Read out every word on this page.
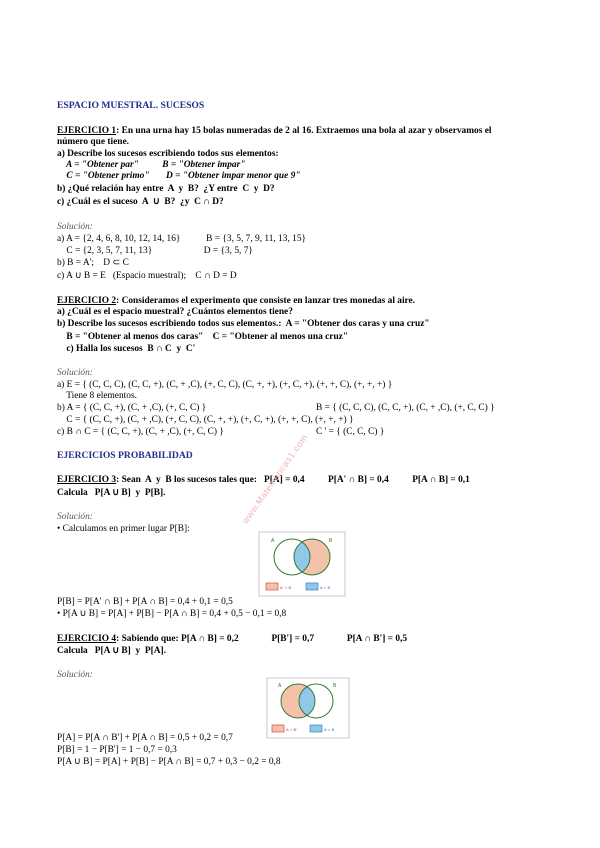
ESPACIO MUESTRAL. SUCESOS
EJERCICIO 1: En una urna hay 15 bolas numeradas de 2 al 16. Extraemos una bola al azar y observamos el
número que tiene.
a) Describe los sucesos escribiendo todos sus elementos:
A = "Obtener par"          B = "Obtener impar"
C = "Obtener primo"       D = "Obtener impar menor que 9"
b) ¿Qué relación hay entre  A  y  B?  ¿Y entre  C  y  D?
c) ¿Cuál es el suceso  A  ∪  B?  ¿y  C ∩ D?
Solución:
a) A = {2, 4, 6, 8, 10, 12, 14, 16}           B = {3, 5, 7, 9, 11, 13, 15}
C = {2, 3, 5, 7, 11, 13}                      D = {3, 5, 7}
b) B = A';    D ⊂ C
c) A ∪ B = E   (Espacio muestral);    C ∩ D = D
EJERCICIO 2: Consideramos el experimento que consiste en lanzar tres monedas al aire.
a) ¿Cuál es el espacio muestral? ¿Cuántos elementos tiene?
b) Describe los sucesos escribiendo todos sus elementos.:  A = "Obtener dos caras y una cruz"
B = "Obtener al menos dos caras"    C = "Obtener al menos una cruz"
c) Halla los sucesos  B ∩ C  y  C'
Solución:
a) E = { (C, C, C), (C, C, +), (C, + ,C), (+, C, C), (C, +, +), (+, C, +), (+, +, C), (+, +, +) }
Tiene 8 elementos.
b) A = { (C, C, +), (C, + ,C), (+, C, C) }	B = { (C, C, C), (C, C, +), (C, + ,C), (+, C, C) }
C = { (C, C, +), (C, + ,C), (+, C, C), (C, +, +), (+, C, +), (+, +, C), (+, +, +) }
c) B ∩ C = { (C, C, +), (C, + ,C), (+, C, C) }	C ' = { (C, C, C) }
EJERCICIOS PROBABILIDAD
EJERCICIO 3: Sean  A  y  B los sucesos tales que:   P[A] = 0,4          P[A' ∩ B] = 0,4          P[A ∩ B] = 0,1
Calcula   P[A ∪ B]  y  P[B].
Solución:
• Calculamos en primer lugar P[B]:
A	B
A' ∩ B	A ∩ B
P[B] = P[A' ∩ B] + P[A ∩ B] = 0,4 + 0,1 = 0,5
• P[A ∪ B] = P[A] + P[B] − P[A ∩ B] = 0,4 + 0,5 − 0,1 = 0,8
EJERCICIO 4: Sabiendo que: P[A ∩ B] = 0,2              P[B'] = 0,7              P[A ∩ B'] = 0,5
Calcula   P[A ∪ B]  y  P[A].
Solución:
A	B
A ∩ B'	A ∩ B
P[A] = P[A ∩ B'] + P[A ∩ B] = 0,5 + 0,2 = 0,7
P[B] = 1 − P[B'] = 1 − 0,7 = 0,3
P[A ∪ B] = P[A] + P[B] − P[A ∩ B] = 0,7 + 0,3 − 0,2 = 0,8
www.Matematicas1.com
